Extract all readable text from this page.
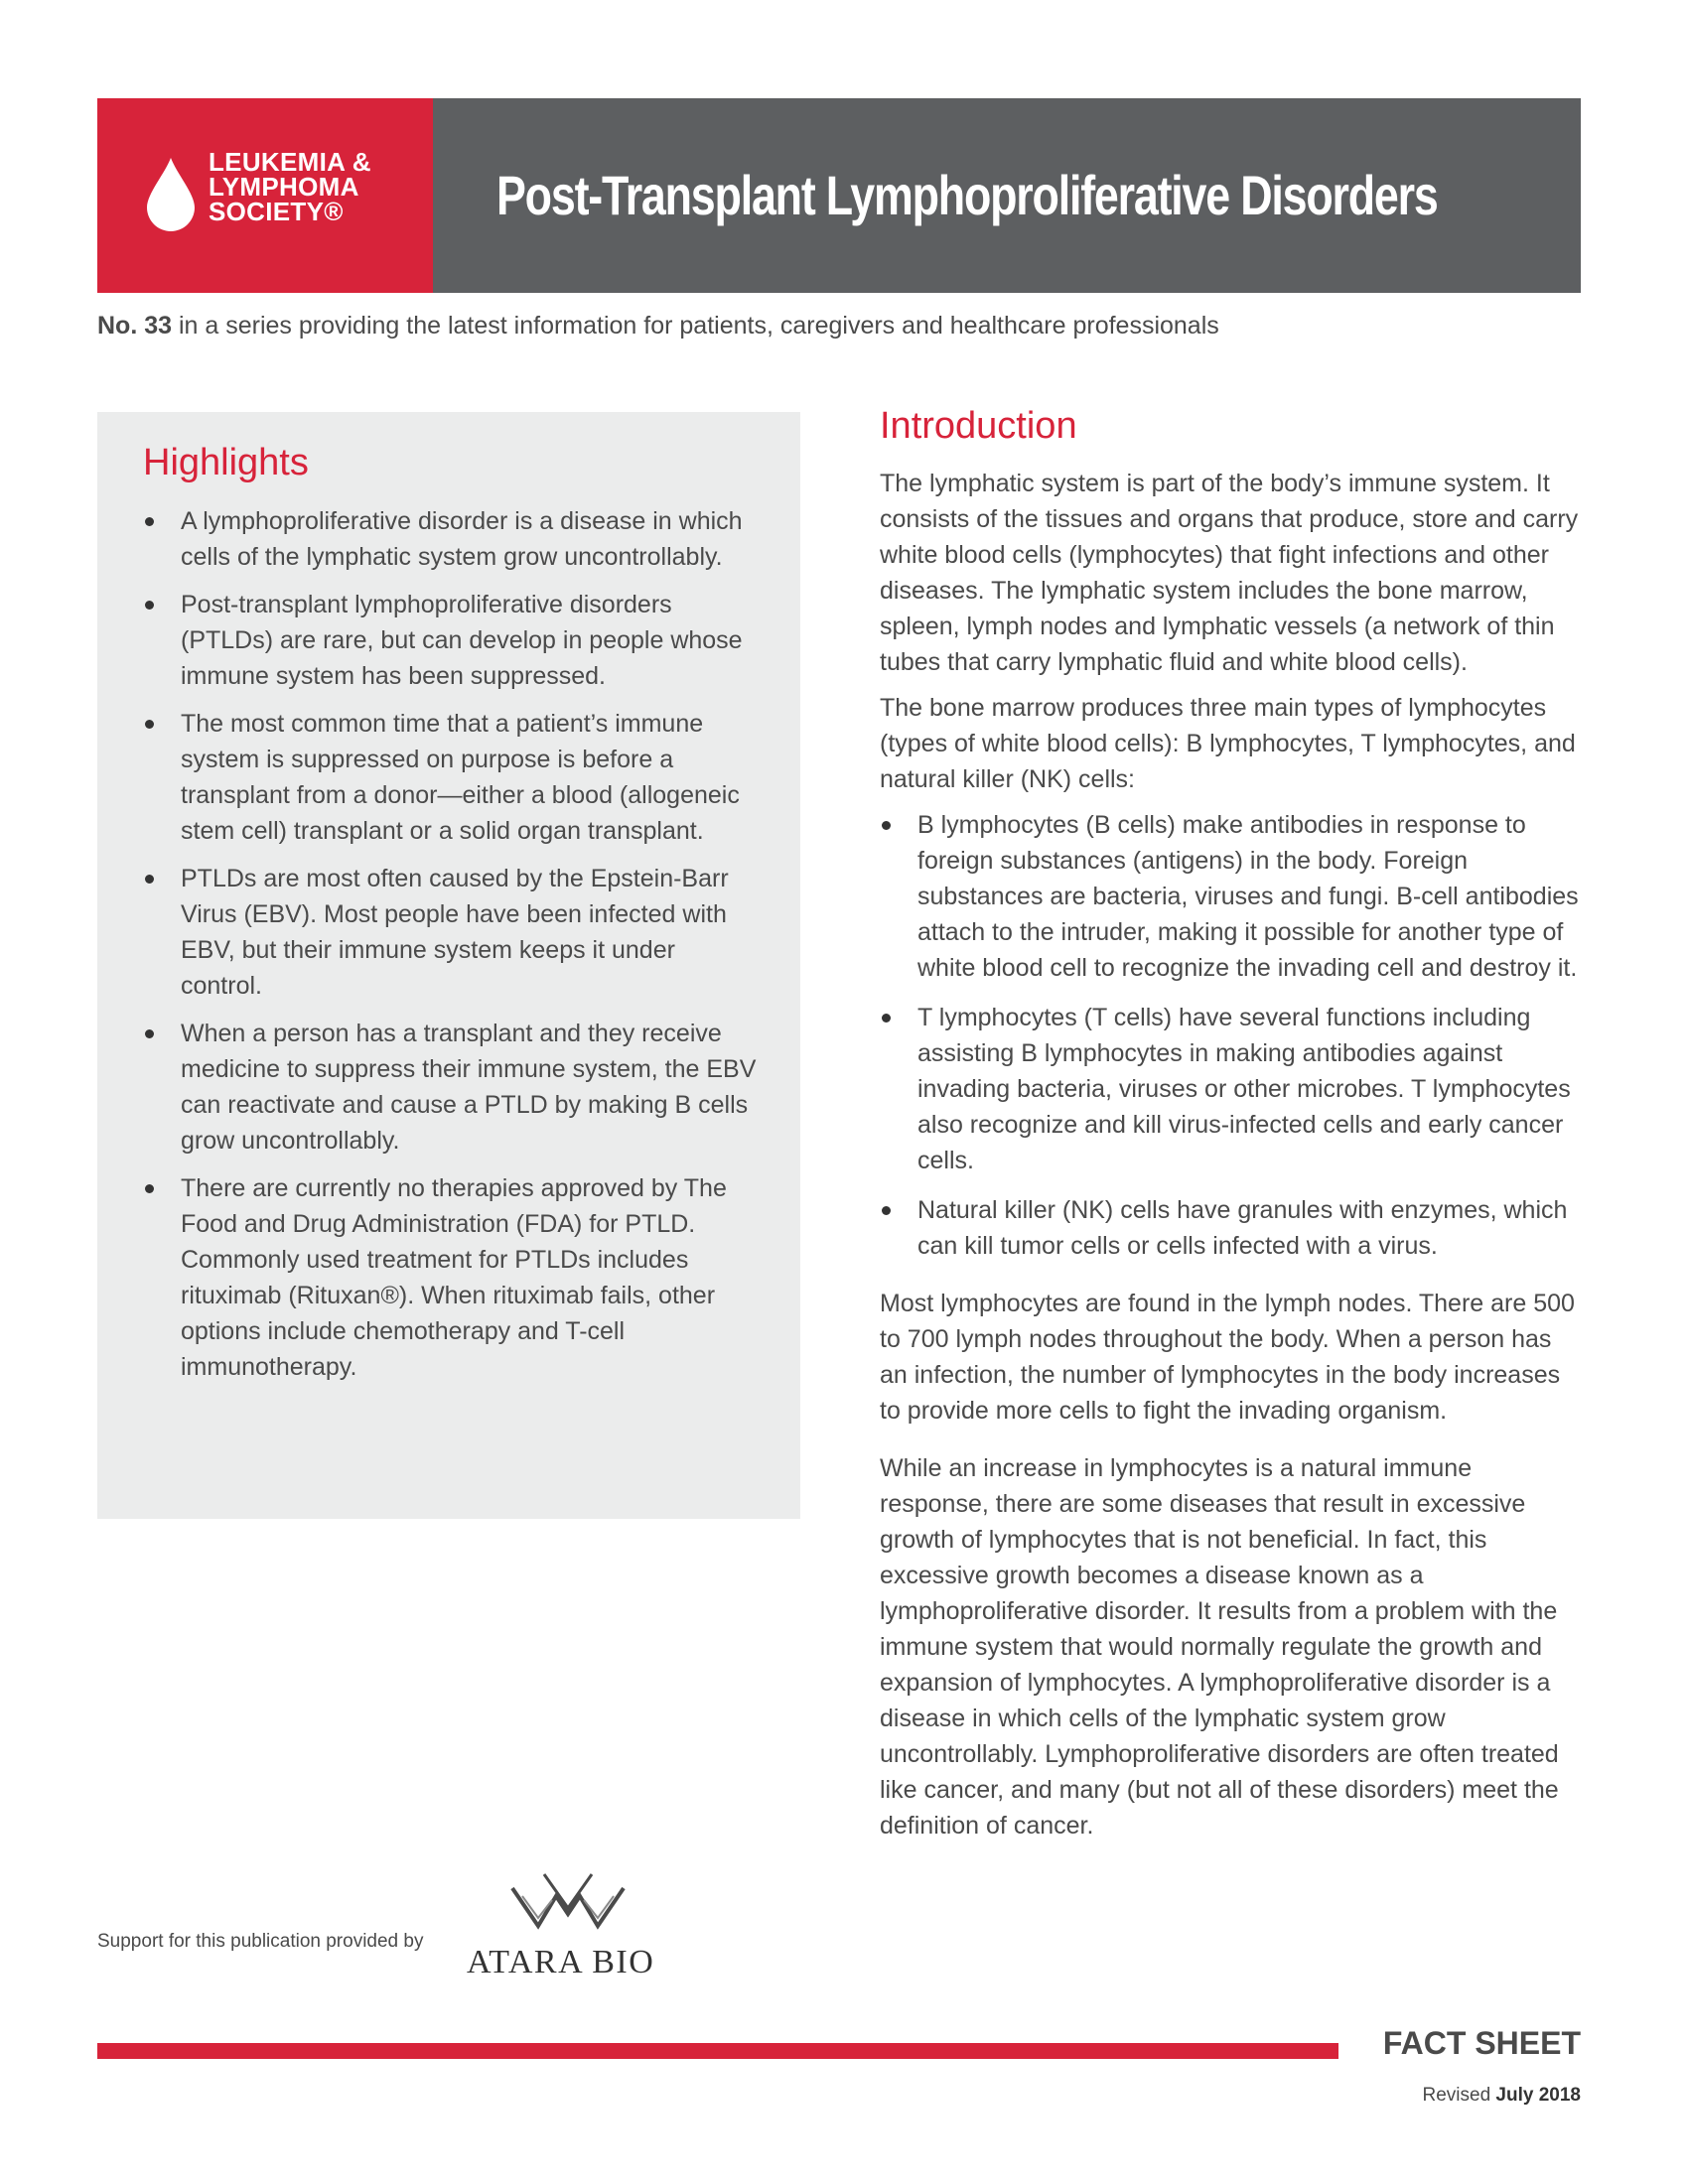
LEUKEMIA &
LYMPHOMA
SOCIETY®	Post-Transplant Lymphoproliferative Disorders
No. 33 in a series providing the latest information for patients, caregivers and healthcare professionals
Highlights
A lymphoproliferative disorder is a disease in which cells of the lymphatic system grow uncontrollably.
Post-transplant lymphoproliferative disorders (PTLDs) are rare, but can develop in people whose immune system has been suppressed.
The most common time that a patient’s immune system is suppressed on purpose is before a transplant from a donor—either a blood (allogeneic stem cell) transplant or a solid organ transplant.
PTLDs are most often caused by the Epstein-Barr Virus (EBV). Most people have been infected with EBV, but their immune system keeps it under control.
When a person has a transplant and they receive medicine to suppress their immune system, the EBV can reactivate and cause a PTLD by making B cells grow uncontrollably.
There are currently no therapies approved by The Food and Drug Administration (FDA) for PTLD. Commonly used treatment for PTLDs includes rituximab (Rituxan®). When rituximab fails, other options include chemotherapy and T-cell immunotherapy.
Introduction

The lymphatic system is part of the body’s immune system. It consists of the tissues and organs that produce, store and carry white blood cells (lymphocytes) that fight infections and other diseases. The lymphatic system includes the bone marrow, spleen, lymph nodes and lymphatic vessels (a network of thin tubes that carry lymphatic fluid and white blood cells).

The bone marrow produces three main types of lymphocytes (types of white blood cells): B lymphocytes, T lymphocytes, and natural killer (NK) cells:

B lymphocytes (B cells) make antibodies in response to foreign substances (antigens) in the body. Foreign substances are bacteria, viruses and fungi. B-cell antibodies attach to the intruder, making it possible for another type of white blood cell to recognize the invading cell and destroy it.
T lymphocytes (T cells) have several functions including assisting B lymphocytes in making antibodies against invading bacteria, viruses or other microbes. T lymphocytes also recognize and kill virus-infected cells and early cancer cells.
Natural killer (NK) cells have granules with enzymes, which can kill tumor cells or cells infected with a virus.

Most lymphocytes are found in the lymph nodes. There are 500 to 700 lymph nodes throughout the body. When a person has an infection, the number of lymphocytes in the body increases to provide more cells to fight the invading organism.

While an increase in lymphocytes is a natural immune response, there are some diseases that result in excessive growth of lymphocytes that is not beneficial. In fact, this excessive growth becomes a disease known as a lymphoproliferative disorder. It results from a problem with the immune system that would normally regulate the growth and expansion of lymphocytes. A lymphoproliferative disorder is a disease in which cells of the lymphatic system grow uncontrollably. Lymphoproliferative disorders are often treated like cancer, and many (but not all of these disorders) meet the definition of cancer.

Support for this publication provided by
ATARA BIO
FACT SHEET
Revised July 2018
